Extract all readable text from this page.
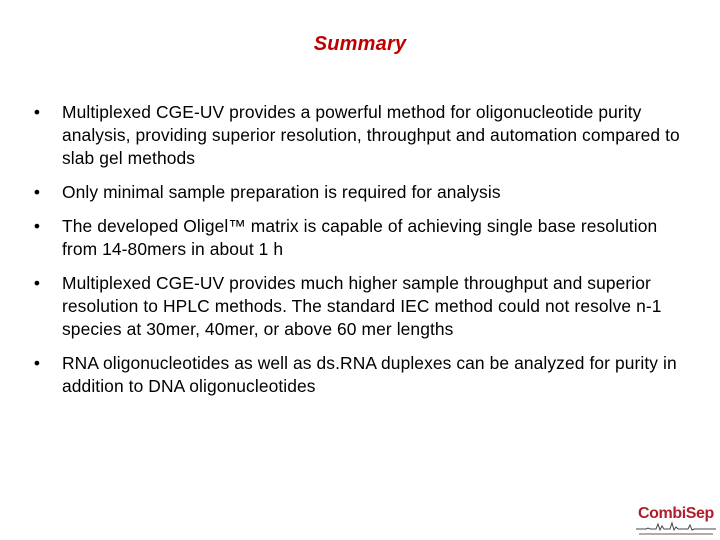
Summary
• Multiplexed CGE-UV provides a powerful method for oligonucleotide purity analysis, providing superior resolution, throughput and automation compared to slab gel methods
• Only minimal sample preparation is required for analysis
• The developed Oligel™ matrix is capable of achieving single base resolution from 14-80mers in about 1 h
• Multiplexed CGE-UV provides much higher sample throughput and superior resolution to HPLC methods. The standard IEC method could not resolve n-1 species at 30mer, 40mer, or above 60 mer lengths
• RNA oligonucleotides as well as ds.RNA duplexes can be analyzed for purity in addition to DNA oligonucleotides
CombiSep
